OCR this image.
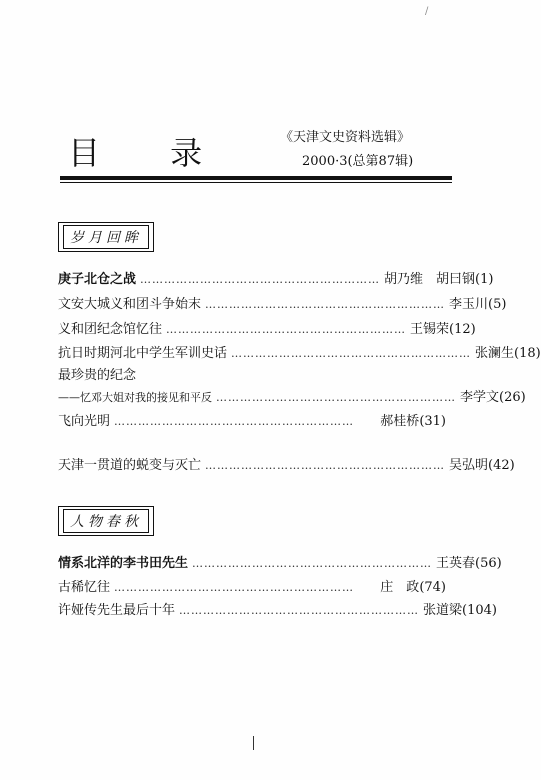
/
目 录	《天津文史资料选辑》
2000·3(总第87辑)
岁月回眸
庚子北仓之战 …………………………………………………… 胡乃维　胡曰钢 (1)
文安大城义和团斗争始末 …………………………………………………… 李玉川 (5)
义和团纪念馆忆往 …………………………………………………… 王锡荣 (12)
抗日时期河北中学生军训史话 …………………………………………………… 张澜生 (18)
最珍贵的纪念
——忆邓大姐对我的接见和平反 …………………………………………………… 李学文 (26)
飞向光明 ……………………………………………………	郝桂桥 (31)
天津一贯道的蜕变与灭亡 …………………………………………………… 吴弘明 (42)
人物春秋
情系北洋的李书田先生 …………………………………………………… 王英春 (56)
古稀忆往 ……………………………………………………	庄　政 (74)
许娅传先生最后十年 …………………………………………………… 张道梁 (104)
